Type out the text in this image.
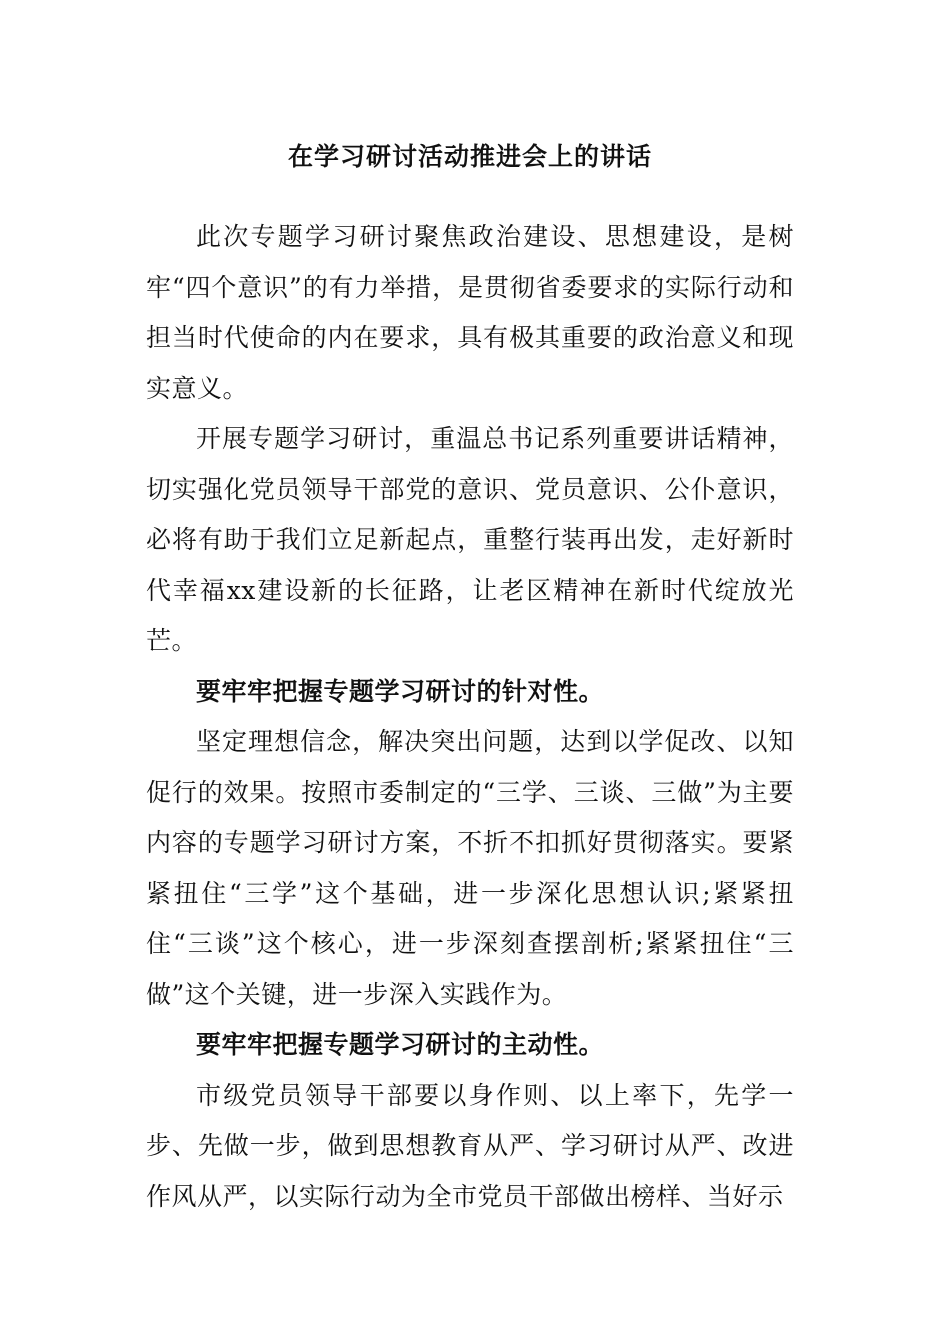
在学习研讨活动推进会上的讲话

此次专题学习研讨聚焦政治建设、思想建设，是树牢“四个意识”的有力举措，是贯彻省委要求的实际行动和担当时代使命的内在要求，具有极其重要的政治意义和现实意义。

开展专题学习研讨，重温总书记系列重要讲话精神，切实强化党员领导干部党的意识、党员意识、公仆意识，必将有助于我们立足新起点，重整行装再出发，走好新时代幸福xx建设新的长征路，让老区精神在新时代绽放光芒。

要牢牢把握专题学习研讨的针对性。

坚定理想信念，解决突出问题，达到以学促改、以知促行的效果。按照市委制定的“三学、三谈、三做”为主要内容的专题学习研讨方案，不折不扣抓好贯彻落实。要紧紧扭住“三学”这个基础，进一步深化思想认识;紧紧扭住“三谈”这个核心，进一步深刻查摆剖析;紧紧扭住“三做”这个关键，进一步深入实践作为。

要牢牢把握专题学习研讨的主动性。

市级党员领导干部要以身作则、以上率下，先学一步、先做一步，做到思想教育从严、学习研讨从严、改进作风从严，以实际行动为全市党员干部做出榜样、当好示
